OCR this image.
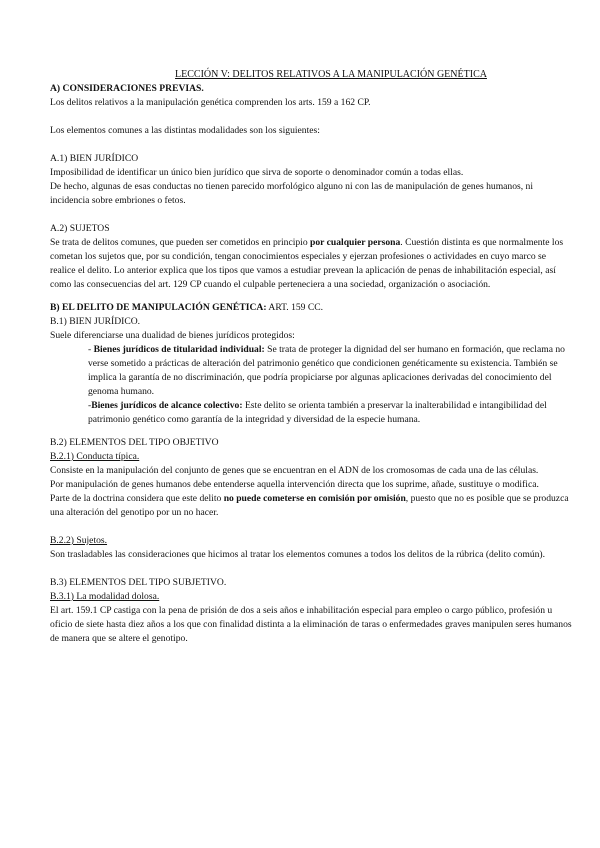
LECCIÓN V: DELITOS RELATIVOS A LA MANIPULACIÓN GENÉTICA

A) CONSIDERACIONES PREVIAS.

Los delitos relativos a la manipulación genética comprenden los arts. 159 a 162 CP.

Los elementos comunes a las distintas modalidades son los siguientes:

A.1) BIEN JURÍDICO

Imposibilidad de identificar un único bien jurídico que sirva de soporte o denominador común a todas ellas.

De hecho, algunas de esas conductas no tienen parecido morfológico alguno ni con las de manipulación de genes humanos, ni incidencia sobre embriones o fetos.

A.2) SUJETOS

Se trata de delitos comunes, que pueden ser cometidos en principio por cualquier persona. Cuestión distinta es que normalmente los cometan los sujetos que, por su condición, tengan conocimientos especiales y ejerzan profesiones o actividades en cuyo marco se realice el delito. Lo anterior explica que los tipos que vamos a estudiar prevean la aplicación de penas de inhabilitación especial, así como las consecuencias del art. 129 CP cuando el culpable perteneciera a una sociedad, organización o asociación.

B) EL DELITO DE MANIPULACIÓN GENÉTICA: ART. 159 CC.

B.1) BIEN JURÍDICO.

Suele diferenciarse una dualidad de bienes jurídicos protegidos:

- Bienes jurídicos de titularidad individual: Se trata de proteger la dignidad del ser humano en formación, que reclama no verse sometido a prácticas de alteración del patrimonio genético que condicionen genéticamente su existencia. También se implica la garantía de no discriminación, que podría propiciarse por algunas aplicaciones derivadas del conocimiento del genoma humano.

-Bienes jurídicos de alcance colectivo: Este delito se orienta también a preservar la inalterabilidad e intangibilidad del patrimonio genético como garantía de la integridad y diversidad de la especie humana.

B.2) ELEMENTOS DEL TIPO OBJETIVO

B.2.1) Conducta típica.

Consiste en la manipulación del conjunto de genes que se encuentran en el ADN de los cromosomas de cada una de las células.

Por manipulación de genes humanos debe entenderse aquella intervención directa que los suprime, añade, sustituye o modifica.

Parte de la doctrina considera que este delito no puede cometerse en comisión por omisión, puesto que no es posible que se produzca una alteración del genotipo por un no hacer.

B.2.2) Sujetos.

Son trasladables las consideraciones que hicimos al tratar los elementos comunes a todos los delitos de la rúbrica (delito común).

B.3) ELEMENTOS DEL TIPO SUBJETIVO.

B.3.1) La modalidad dolosa.

El art. 159.1 CP castiga con la pena de prisión de dos a seis años e inhabilitación especial para empleo o cargo público, profesión u oficio de siete hasta diez años a los que con finalidad distinta a la eliminación de taras o enfermedades graves manipulen seres humanos de manera que se altere el genotipo.
